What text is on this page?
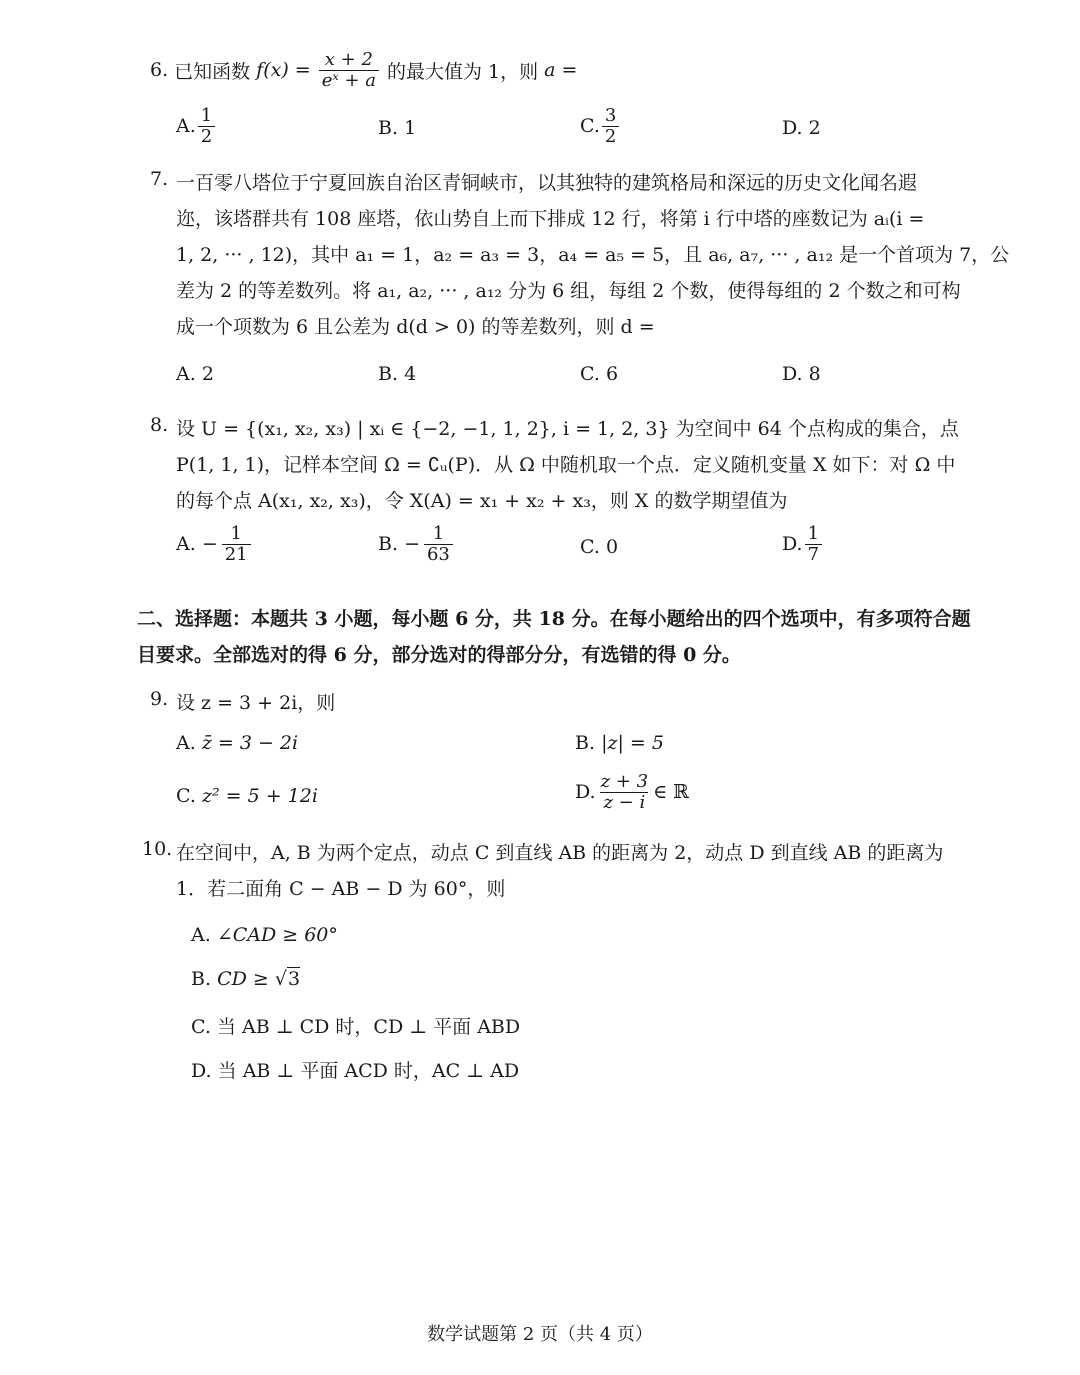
6. 已知函数 $f(x) = \frac{x + 2}{\text{eˣ + a}}$ 的最大值为 1，则 a =
A. $\frac{1}{2}$	B. 1	C. $\frac{3}{2}$	D. 2
7. 一百零八塔位于宁夏回族自治区青铜峡市，以其独特的建筑格局和深远的历史文化闻名遐
迩，该塔群共有 108 座塔，依山势自上而下排成 12 行，将第 i 行中塔的座数记为 aᵢ(i =
1, 2, ··· , 12)，其中 a₁ = 1，a₂ = a₃ = 3，a₄ = a₅ = 5，且 a₆, a₇, ··· , a₁₂ 是一个首项为 7，公
差为 2 的等差数列。将 a₁, a₂, ··· , a₁₂ 分为 6 组，每组 2 个数，使得每组的 2 个数之和可构
成一个项数为 6 且公差为 d(d > 0) 的等差数列，则 d =
A. 2	B. 4	C. 6	D. 8
8. 设 U = {(x₁, x₂, x₃) | xᵢ ∈ {−2, −1, 1, 2}, i = 1, 2, 3} 为空间中 64 个点构成的集合，点
P(1, 1, 1)，记样本空间 Ω = ∁ᵤ(P)．从 Ω 中随机取一个点．定义随机变量 X 如下：对 Ω 中
的每个点 A(x₁, x₂, x₃)，令 X(A) = x₁ + x₂ + x₃，则 X 的数学期望值为
A.
− $\frac{1}{21}$	B.
− $\frac{1}{63}$	C. 0	D. $\frac{1}{7}$
二、选择题：本题共 3 小题，每小题 6 分，共 18 分。在每小题给出的四个选项中，有多项符合题
目要求。全部选对的得 6 分，部分选对的得部分分，有选错的得 0 分。
9. 设 z = 3 + 2i，则
A. z̄ = 3 − 2i	B. |z| = 5
C. z² = 5 + 12i	D. $\frac{z + 3}{z - i}$ ∈ ℝ
10. 在空间中，A, B 为两个定点，动点 C 到直线 AB 的距离为 2，动点 D 到直线 AB 的距离为
1．若二面角 C − AB − D 为 60°，则
A. ∠CAD ≥ 60°
B. CD ≥ √3
C. 当 AB ⊥ CD 时，CD ⊥ 平面 ABD
D. 当 AB ⊥ 平面 ACD 时，AC ⊥ AD
数学试题第 2 页（共 4 页）
